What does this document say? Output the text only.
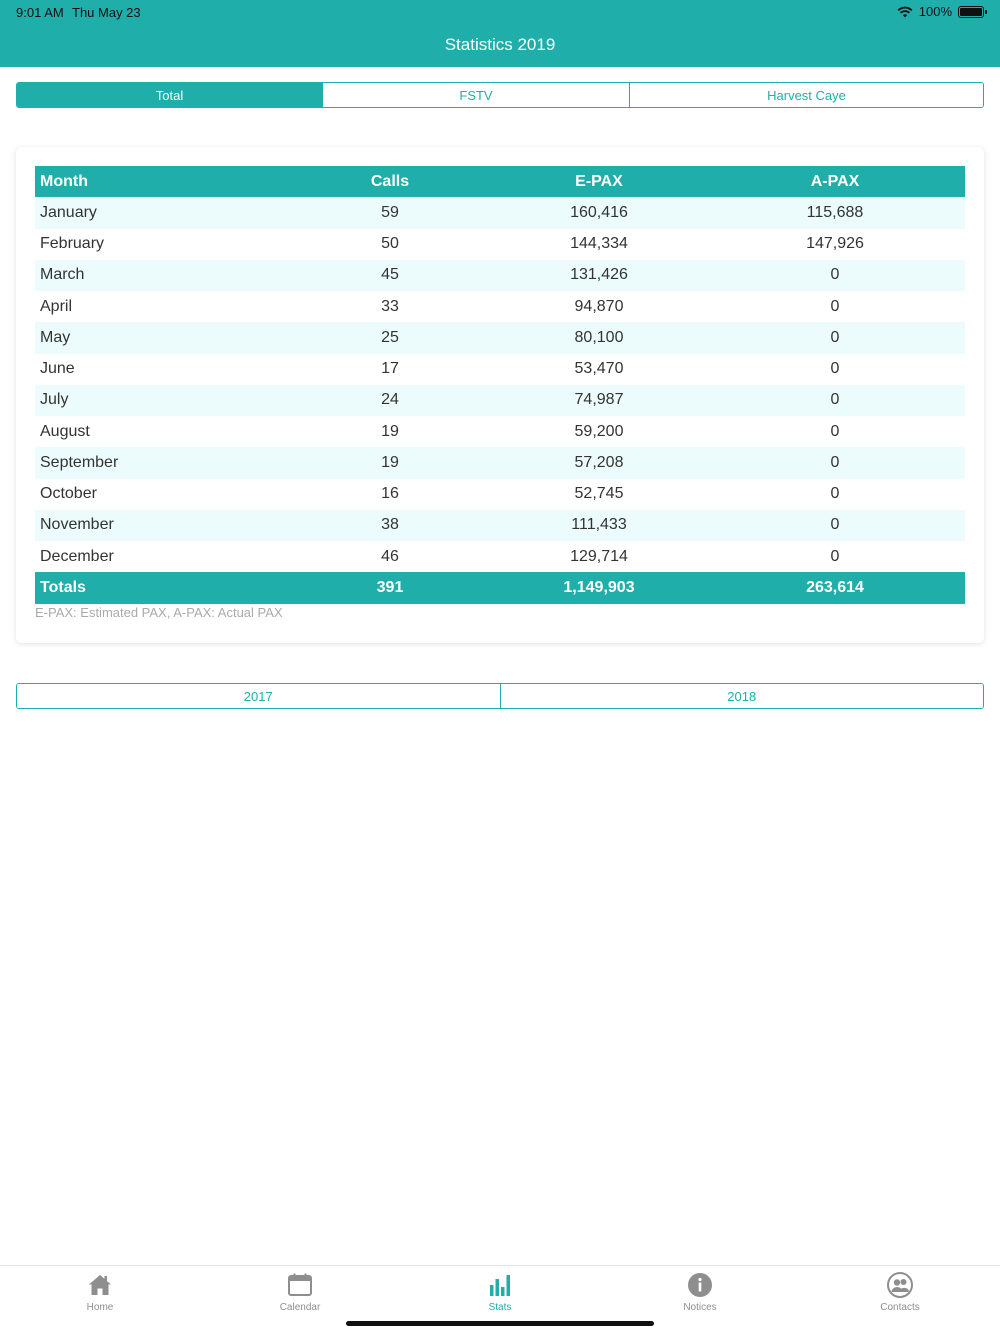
9:01 AM Thu May 23	.... 100%
Statistics 2019
Total	FSTV	Harvest Caye
Month	Calls	E-PAX	A-PAX
January	59	160,416	115,688
February	50	144,334	147,926
March	45	131,426	0
April	33	94,870	0
May	25	80,100	0
June	17	53,470	0
July	24	74,987	0
August	19	59,200	0
September	19	57,208	0
October	16	52,745	0
November	38	111,433	0
December	46	129,714	0
Totals	391	1,149,903	263,614
E-PAX: Estimated PAX, A-PAX: Actual PAX
2017	2018
Home	Calendar	Stats	Notices	Contacts
